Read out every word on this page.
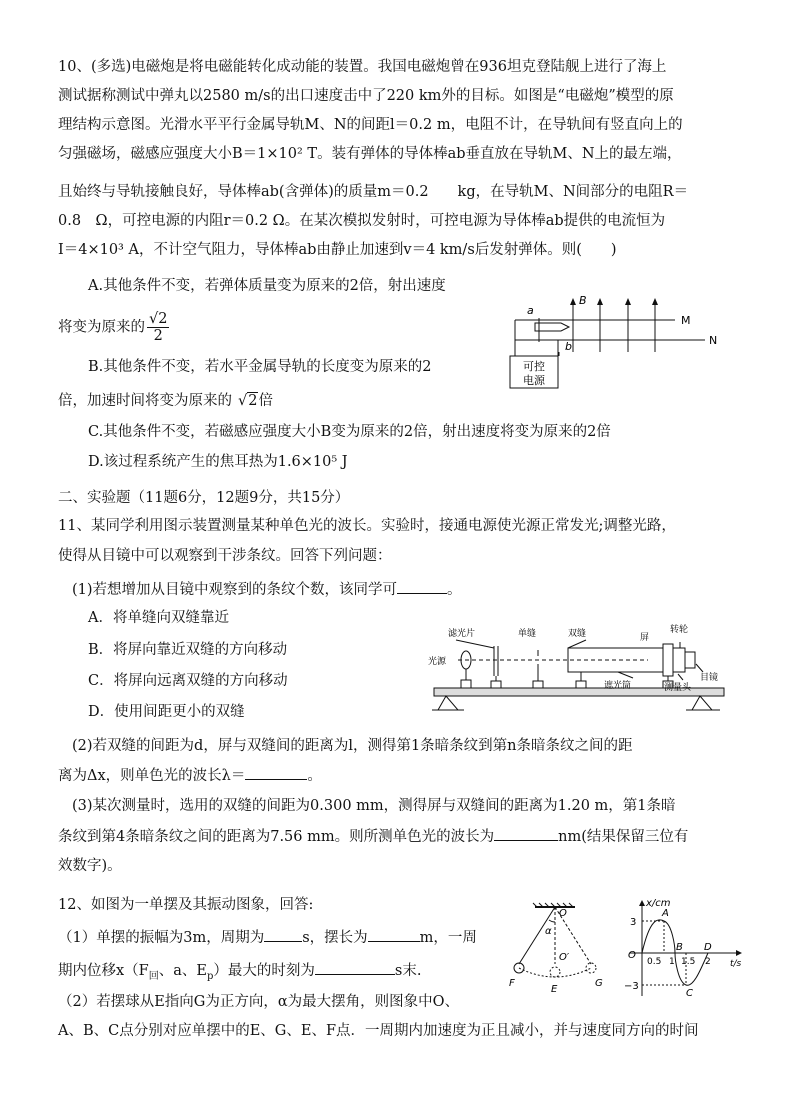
10、(多选)电磁炮是将电磁能转化成动能的装置。我国电磁炮曾在936坦克登陆舰上进行了海上
测试据称测试中弹丸以2580 m/s的出口速度击中了220 km外的目标。如图是“电磁炮”模型的原
理结构示意图。光滑水平平行金属导轨M、N的间距l＝0.2 m，电阻不计，在导轨间有竖直向上的
匀强磁场，磁感应强度大小B＝1×10² T。装有弹体的导体棒ab垂直放在导轨M、N上的最左端，
且始终与导轨接触良好，导体棒ab(含弹体)的质量m＝0.2　　kg，在导轨M、N间部分的电阻R＝
0.8　Ω，可控电源的内阻r＝0.2 Ω。在某次模拟发射时，可控电源为导体棒ab提供的电流恒为
I＝4×10³ A，不计空气阻力，导体棒ab由静止加速到v＝4 km/s后发射弹体。则(　　)
A.其他条件不变，若弹体质量变为原来的2倍，射出速度
将变为原来的 $\frac{√2}{2}$
B.其他条件不变，若水平金属导轨的长度变为原来的2
倍，加速时间将变为原来的 √2倍
C.其他条件不变，若磁感应强度大小B变为原来的2倍，射出速度将变为原来的2倍
D.该过程系统产生的焦耳热为1.6×10⁵ J
a
b
B
M
N
可控
电源
二、实验题（11题6分，12题9分，共15分）
11、某同学利用图示装置测量某种单色光的波长。实验时，接通电源使光源正常发光;调整光路，
使得从目镜中可以观察到干涉条纹。回答下列问题：
(1)若想增加从目镜中观察到的条纹个数，该同学可	。
A．将单缝向双缝靠近
B．将屏向靠近双缝的方向移动
C．将屏向远离双缝的方向移动
D．使用间距更小的双缝
(2)若双缝的间距为d，屏与双缝间的距离为l，测得第1条暗条纹到第n条暗条纹之间的距
离为Δx，则单色光的波长λ＝	。
(3)某次测量时，选用的双缝的间距为0.300 mm，测得屏与双缝间的距离为1.20 m，第1条暗
条纹到第4条暗条纹之间的距离为7.56 mm。则所测单色光的波长为	nm(结果保留三位有
效数字)。
滤光片	单缝	双缝	屏
转轮
光源
遮光筒	测量头
目镜
12、如图为一单摆及其振动图象，回答:
（1）单摆的振幅为3m，周期为	s，摆长为	m，一周
期内位移$x(F_回$、a、$E_p$）最大的时刻为	s末.
（2）若摆球从E指向G为正方向，α为最大摆角，则图象中O、
A、B、C点分别对应单摆中的E、G、E、F点．一周期内加速度为正且减小，并与速度同方向的时间
O
α
O′
F
E
G
x/cm
t/s
O
3
−3
A
B
C
D
0.5 1 1.5 2
